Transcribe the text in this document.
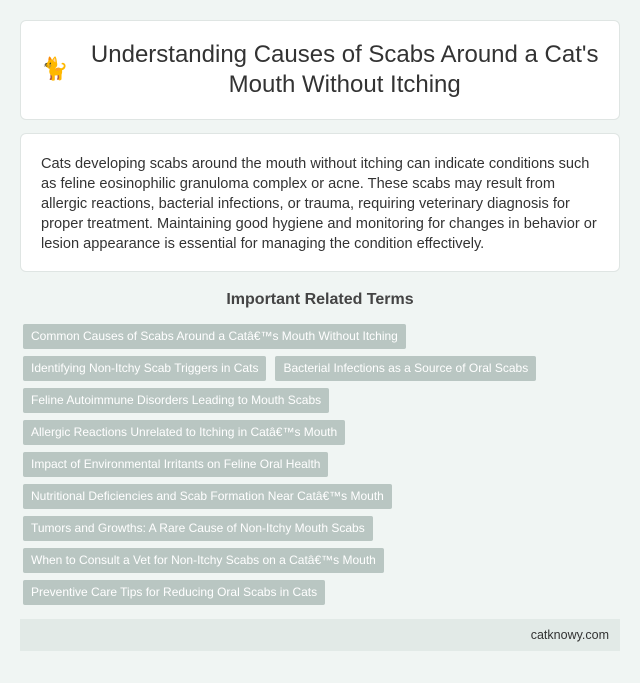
🐈
Understanding Causes of Scabs Around a Cat's Mouth Without Itching

Cats developing scabs around the mouth without itching can indicate conditions such as feline eosinophilic granuloma complex or acne. These scabs may result from allergic reactions, bacterial infections, or trauma, requiring veterinary diagnosis for proper treatment. Maintaining good hygiene and monitoring for changes in behavior or lesion appearance is essential for managing the condition effectively.

Important Related Terms
Common Causes of Scabs Around a Catâ€™s Mouth Without Itching
Identifying Non-Itchy Scab Triggers in Cats	Bacterial Infections as a Source of Oral Scabs
Feline Autoimmune Disorders Leading to Mouth Scabs
Allergic Reactions Unrelated to Itching in Catâ€™s Mouth
Impact of Environmental Irritants on Feline Oral Health
Nutritional Deficiencies and Scab Formation Near Catâ€™s Mouth
Tumors and Growths: A Rare Cause of Non-Itchy Mouth Scabs
When to Consult a Vet for Non-Itchy Scabs on a Catâ€™s Mouth
Preventive Care Tips for Reducing Oral Scabs in Cats
catknowy.com
